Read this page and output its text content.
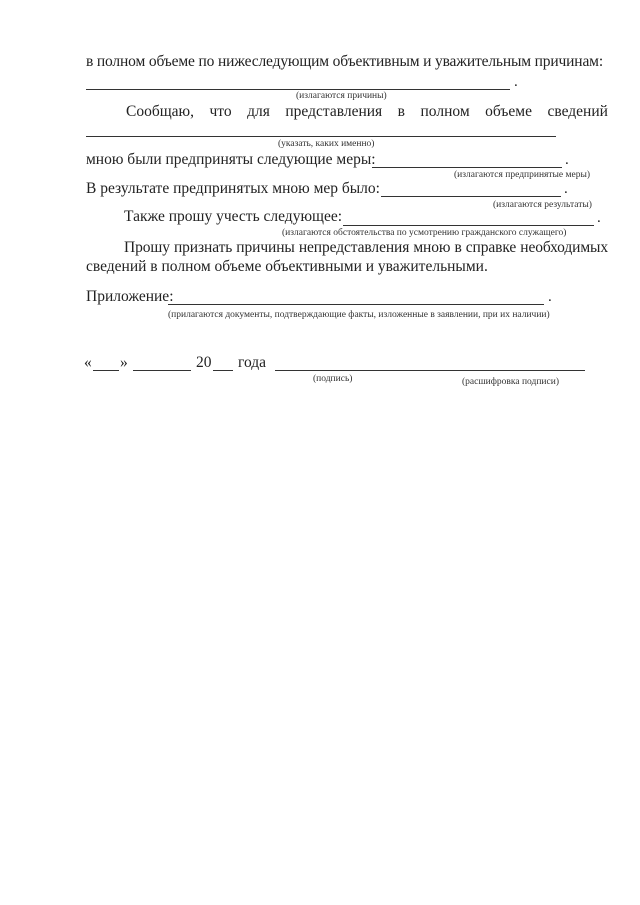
в полном объеме по нижеследующим объективным и уважительным причинам:
.
(излагаются причины)
Сообщаю, что для представления в полном объеме сведений
(указать, каких именно)
мною были предприняты следующие меры:	.
(излагаются предпринятые меры)
В результате предпринятых мною мер было:	.
(излагаются результаты)
Также прошу учесть следующее:	.
(излагаются обстоятельства по усмотрению гражданского служащего)
Прошу признать причины непредставления мною в справке необходимых
сведений в полном объеме объективными и уважительными.
Приложение:	.
(прилагаются документы, подтверждающие факты, изложенные в заявлении, при их наличии)
« »	20 года
(подпись)	(расшифровка подписи)
